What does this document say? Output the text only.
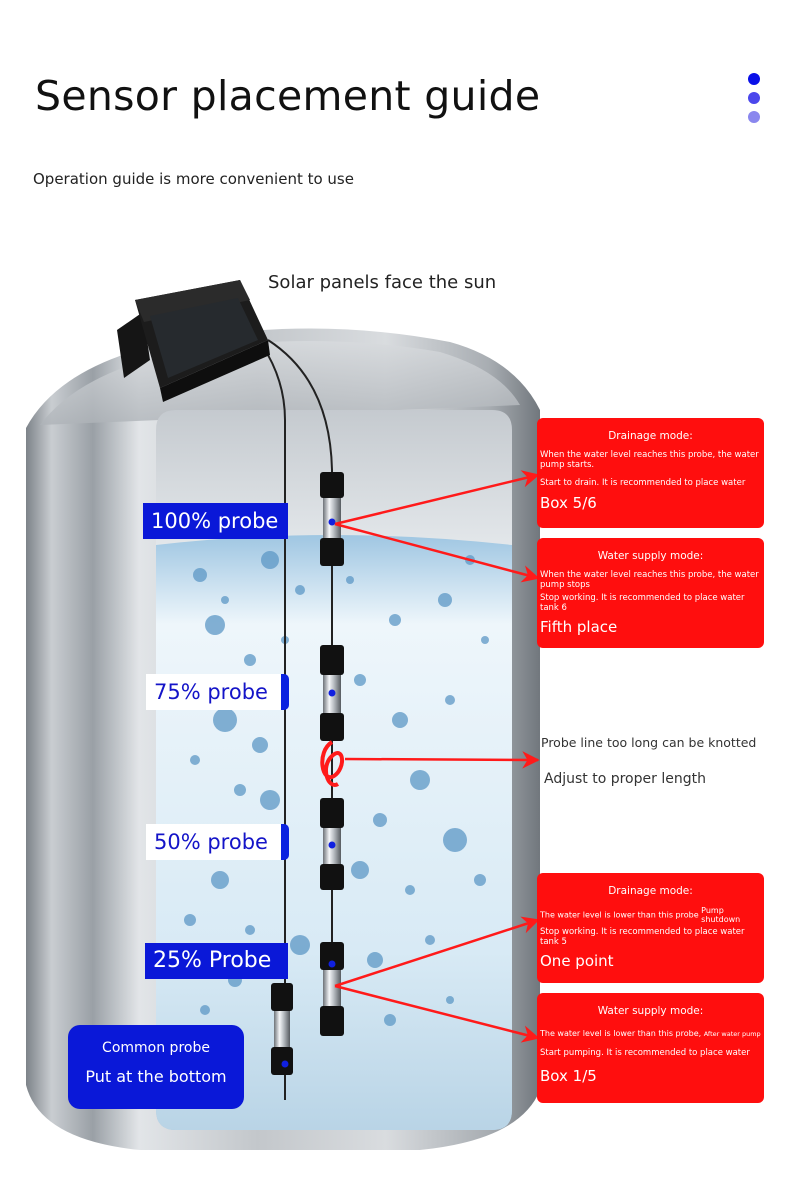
Sensor placement guide
Operation guide is more convenient to use
Solar panels face the sun
100% probe
75% probe
50% probe
25% Probe
Common probe
Put at the bottom
Probe line too long can be knotted
Adjust to proper length
Drainage mode:
When the water level reaches this probe, the water pump starts.
Start to drain. It is recommended to place water
Box 5/6
Water supply mode:
When the water level reaches this probe, the water pump stops
Stop working. It is recommended to place water tank 6
Fifth place
Drainage mode:
The water level is lower than this probe Pump shutdown
Stop working. It is recommended to place water tank 5
One point
Water supply mode:
The water level is lower than this probe, After water pump
Start pumping. It is recommended to place water
Box 1/5
